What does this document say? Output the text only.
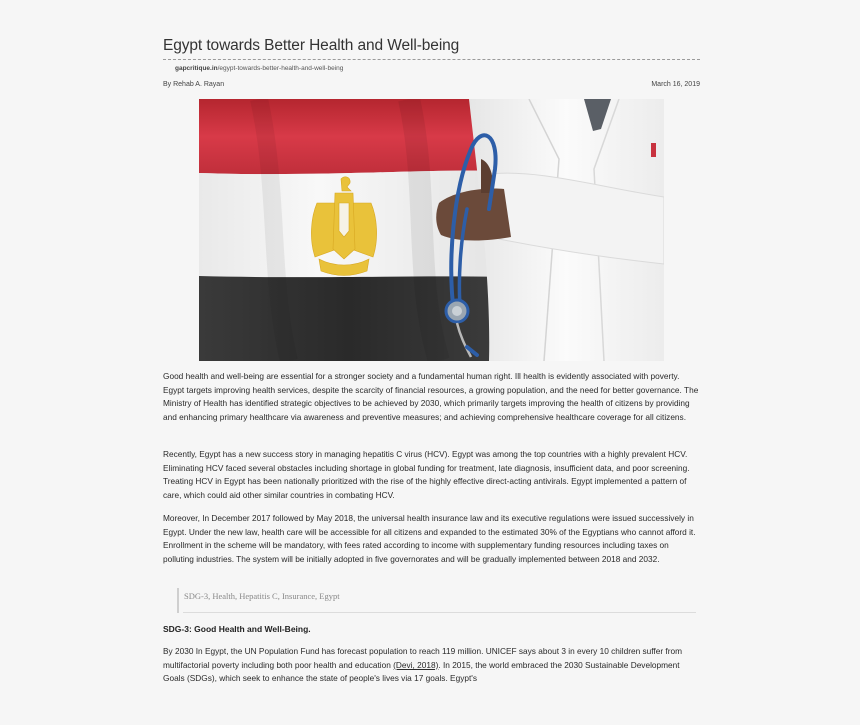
Egypt towards Better Health and Well-being
gapcritique.in/egypt-towards-better-health-and-well-being
By Rehab A. Rayan	March 16, 2019
Good health and well-being are essential for a stronger society and a fundamental human right. Ill health is evidently associated with poverty. Egypt targets improving health services, despite the scarcity of financial resources, a growing population, and the need for better governance. The Ministry of Health has identified strategic objectives to be achieved by 2030, which primarily targets improving the health of citizens by providing and enhancing primary healthcare via awareness and preventive measures; and achieving comprehensive healthcare coverage for all citizens.
Recently, Egypt has a new success story in managing hepatitis C virus (HCV). Egypt was among the top countries with a highly prevalent HCV. Eliminating HCV faced several obstacles including shortage in global funding for treatment, late diagnosis, insufficient data, and poor screening. Treating HCV in Egypt has been nationally prioritized with the rise of the highly effective direct-acting antivirals. Egypt implemented a pattern of care, which could aid other similar countries in combating HCV.
Moreover, In December 2017 followed by May 2018, the universal health insurance law and its executive regulations were issued successively in Egypt. Under the new law, health care will be accessible for all citizens and expanded to the estimated 30% of the Egyptians who cannot afford it. Enrollment in the scheme will be mandatory, with fees rated according to income with supplementary funding resources including taxes on polluting industries. The system will be initially adopted in five governorates and will be gradually implemented between 2018 and 2032.
SDG-3, Health, Hepatitis C, Insurance, Egypt
SDG-3: Good Health and Well-Being.
By 2030 In Egypt, the UN Population Fund has forecast population to reach 119 million. UNICEF says about 3 in every 10 children suffer from multifactorial poverty including both poor health and education (Devi, 2018). In 2015, the world embraced the 2030 Sustainable Development Goals (SDGs), which seek to enhance the state of people's lives via 17 goals. Egypt's
